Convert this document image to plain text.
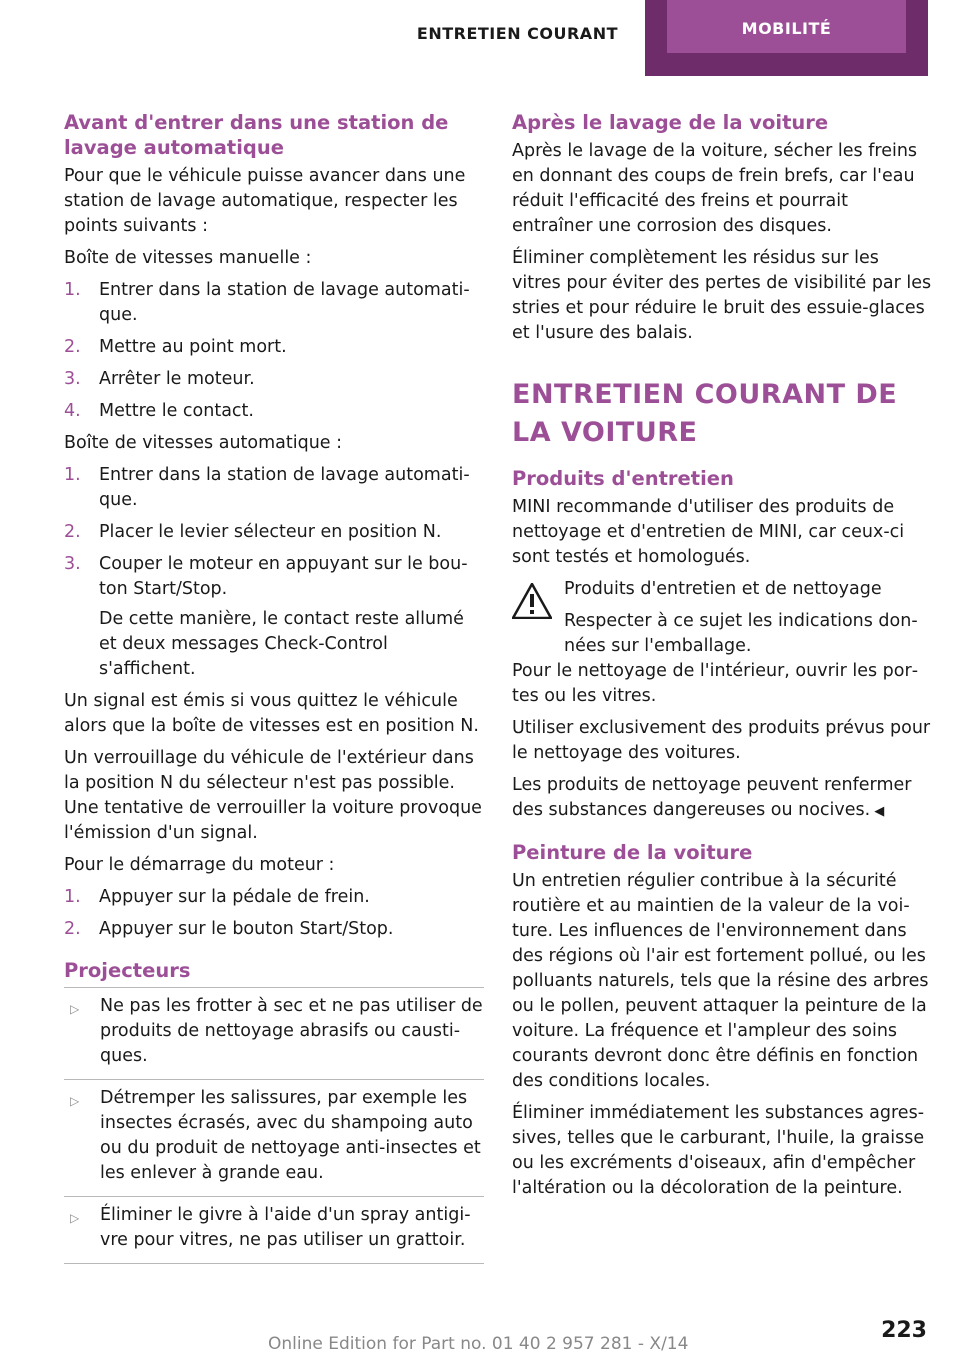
ENTRETIEN COURANT	MOBILITÉ
Avant d'entrer dans une station de lavage automatique

Pour que le véhicule puisse avancer dans une station de lavage automatique, respecter les points suivants :

Boîte de vitesses manuelle :

1. Entrer dans la station de lavage automatique.
2. Mettre au point mort.
3. Arrêter le moteur.
4. Mettre le contact.

Boîte de vitesses automatique :

1. Entrer dans la station de lavage automatique.
2. Placer le levier sélecteur en position N.
3. Couper le moteur en appuyant sur le bouton Start/Stop.
De cette manière, le contact reste allumé et deux messages Check-Control s'affichent.

Un signal est émis si vous quittez le véhicule alors que la boîte de vitesses est en position N.

Un verrouillage du véhicule de l'extérieur dans la position N du sélecteur n'est pas possible. Une tentative de verrouiller la voiture provoque l'émission d'un signal.

Pour le démarrage du moteur :

1. Appuyer sur la pédale de frein.
2. Appuyer sur le bouton Start/Stop.
Projecteurs
▷ Ne pas les frotter à sec et ne pas utiliser de produits de nettoyage abrasifs ou caustiques.
▷ Détremper les salissures, par exemple les insectes écrasés, avec du shampoing auto ou du produit de nettoyage anti-insectes et les enlever à grande eau.
▷ Éliminer le givre à l'aide d'un spray antigivre pour vitres, ne pas utiliser un grattoir.
Après le lavage de la voiture

Après le lavage de la voiture, sécher les freins en donnant des coups de frein brefs, car l'eau réduit l'efficacité des freins et pourrait entraîner une corrosion des disques.

Éliminer complètement les résidus sur les vitres pour éviter des pertes de visibilité par les stries et pour réduire le bruit des essuie-glaces et l'usure des balais.

ENTRETIEN COURANT DE LA VOITURE
Produits d'entretien

MINI recommande d'utiliser des produits de nettoyage et d'entretien de MINI, car ceux-ci sont testés et homologués.

Produits d'entretien et de nettoyage
Respecter à ce sujet les indications données sur l'emballage.

Pour le nettoyage de l'intérieur, ouvrir les portes ou les vitres.

Utiliser exclusivement des produits prévus pour le nettoyage des voitures.

Les produits de nettoyage peuvent renfermer des substances dangereuses ou nocives. ◀

Peinture de la voiture

Un entretien régulier contribue à la sécurité routière et au maintien de la valeur de la voiture. Les influences de l'environnement dans des régions où l'air est fortement pollué, ou les polluants naturels, tels que la résine des arbres ou le pollen, peuvent attaquer la peinture de la voiture. La fréquence et l'ampleur des soins courants devront donc être définis en fonction des conditions locales.

Éliminer immédiatement les substances agressives, telles que le carburant, l'huile, la graisse ou les excréments d'oiseaux, afin d'empêcher l'altération ou la décoloration de la peinture.

223
Online Edition for Part no. 01 40 2 957 281 - X/14
